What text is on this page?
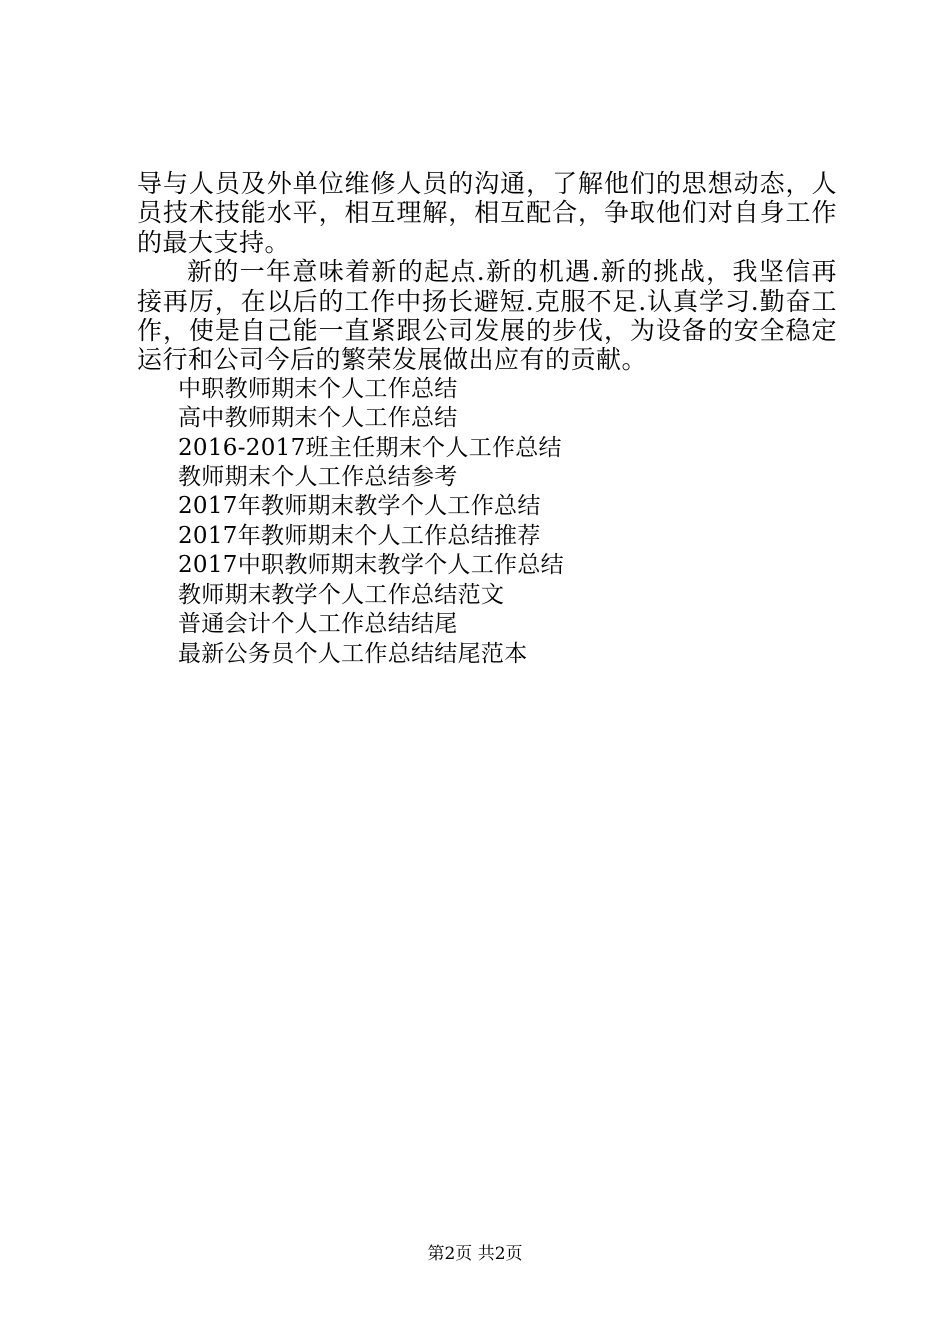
导与人员及外单位维修人员的沟通，了解他们的思想动态，人员技术技能水平，相互理解，相互配合，争取他们对自身工作的最大支持。

新的一年意味着新的起点.新的机遇.新的挑战，我坚信再接再厉，在以后的工作中扬长避短.克服不足.认真学习.勤奋工作，使是自己能一直紧跟公司发展的步伐，为设备的安全稳定运行和公司今后的繁荣发展做出应有的贡献。

中职教师期末个人工作总结
高中教师期末个人工作总结
2016-2017班主任期末个人工作总结
教师期末个人工作总结参考
2017年教师期末教学个人工作总结
2017年教师期末个人工作总结推荐
2017中职教师期末教学个人工作总结
教师期末教学个人工作总结范文
普通会计个人工作总结结尾
最新公务员个人工作总结结尾范本
第2页 共2页
